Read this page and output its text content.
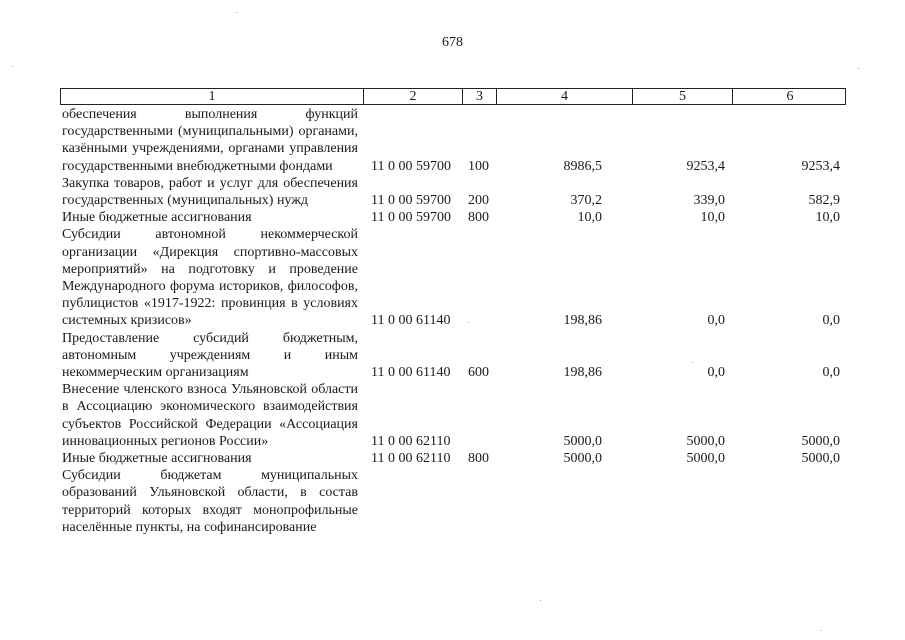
678
1	2	3	4	5	6
обеспечения выполнения функций государственными (муниципальными) органами, казёнными учреждениями, органами управления государственными внебюджетными фондами	11 0 00 59700 100	8986,5	9253,4	9253,4
Закупка товаров, работ и услуг для обеспечения государственных (муниципальных) нужд	11 0 00 59700 200	370,2	339,0	582,9
Иные бюджетные ассигнования	11 0 00 59700 800	10,0	10,0	10,0
Субсидии автономной некоммерческой организации «Дирекция спортивно-массовых мероприятий» на подготовку и проведение Международного форума историков, философов, публицистов «1917-1922: провинция в условиях системных кризисов»	11 0 00 61140	198,86	0,0	0,0
Предоставление субсидий бюджетным, автономным учреждениям и иным некоммерческим организациям	11 0 00 61140 600	198,86	0,0	0,0
Внесение членского взноса Ульяновской области в Ассоциацию экономического взаимодействия субъектов Российской Федерации «Ассоциация инновационных регионов России»	11 0 00 62110	5000,0	5000,0	5000,0
Иные бюджетные ассигнования	11 0 00 62110 800	5000,0	5000,0	5000,0
Субсидии бюджетам муниципальных образований Ульяновской области, в состав территорий которых входят монопрофильные населённые пункты, на софинансирование
